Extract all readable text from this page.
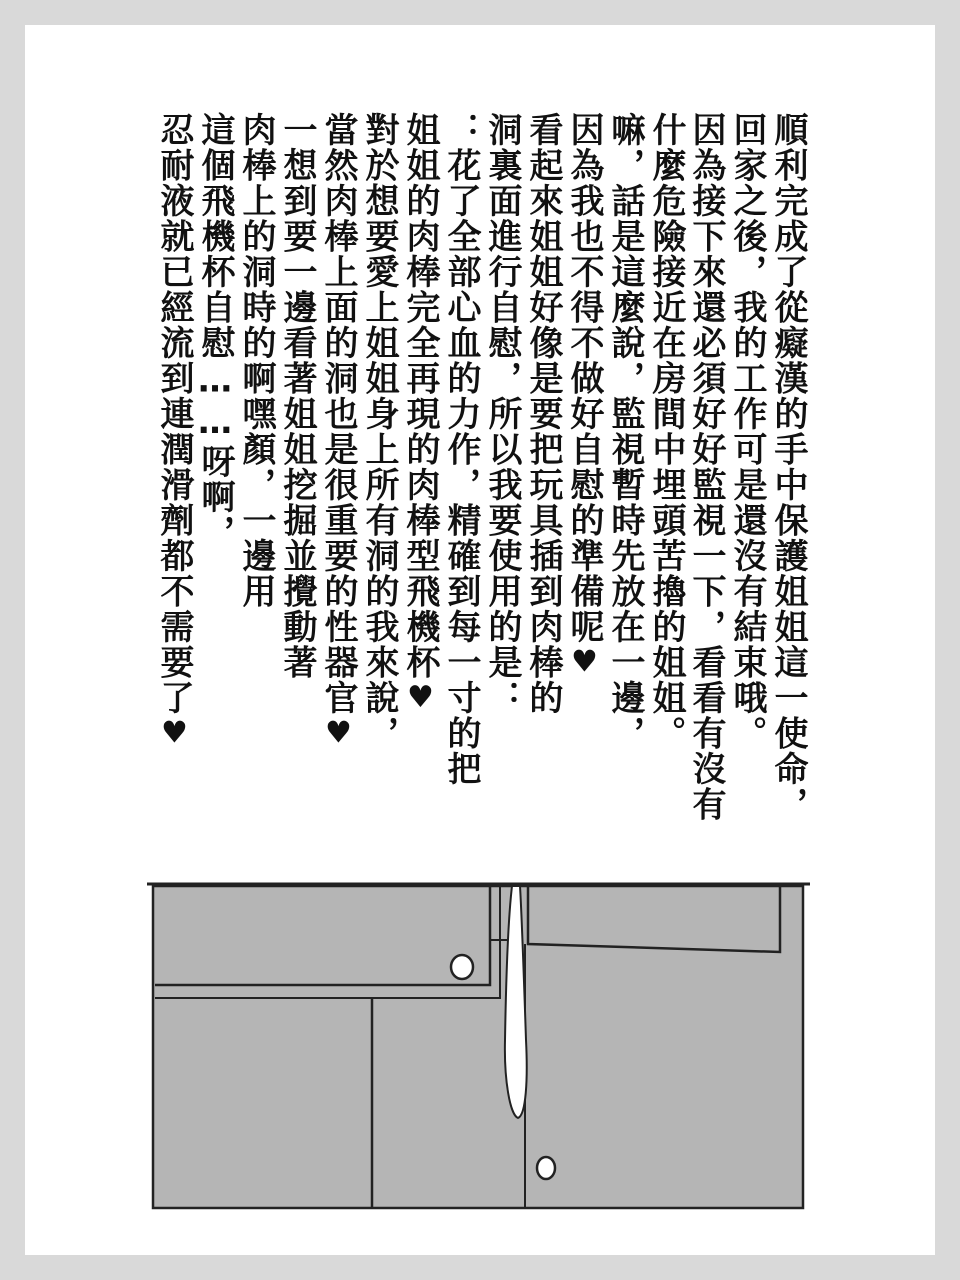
順利完成了從癡漢的手中保護姐姐這一使命，
回家之後，我的工作可是還沒有結束哦。
因為接下來還必須好好監視一下，看看有沒有
什麼危險接近在房間中埋頭苦擼的姐姐。
嘛，話是這麼說，監視暫時先放在一邊，
因為我也不得不做好自慰的準備呢♥
看起來姐姐好像是要把玩具插到肉棒的
洞裏面進行自慰，所以我要使用的是：
：花了全部心血的力作，精確到每一寸的把
姐姐的肉棒完全再現的肉棒型飛機杯♥
對於想要愛上姐姐身上所有洞的我來說，
當然肉棒上面的洞也是很重要的性器官♥
一想到要一邊看著姐姐挖掘並攪動著
肉棒上的洞時的啊嘿顏，一邊用
這個飛機杯自慰……呀啊，
忍耐液就已經流到連潤滑劑都不需要了♥
